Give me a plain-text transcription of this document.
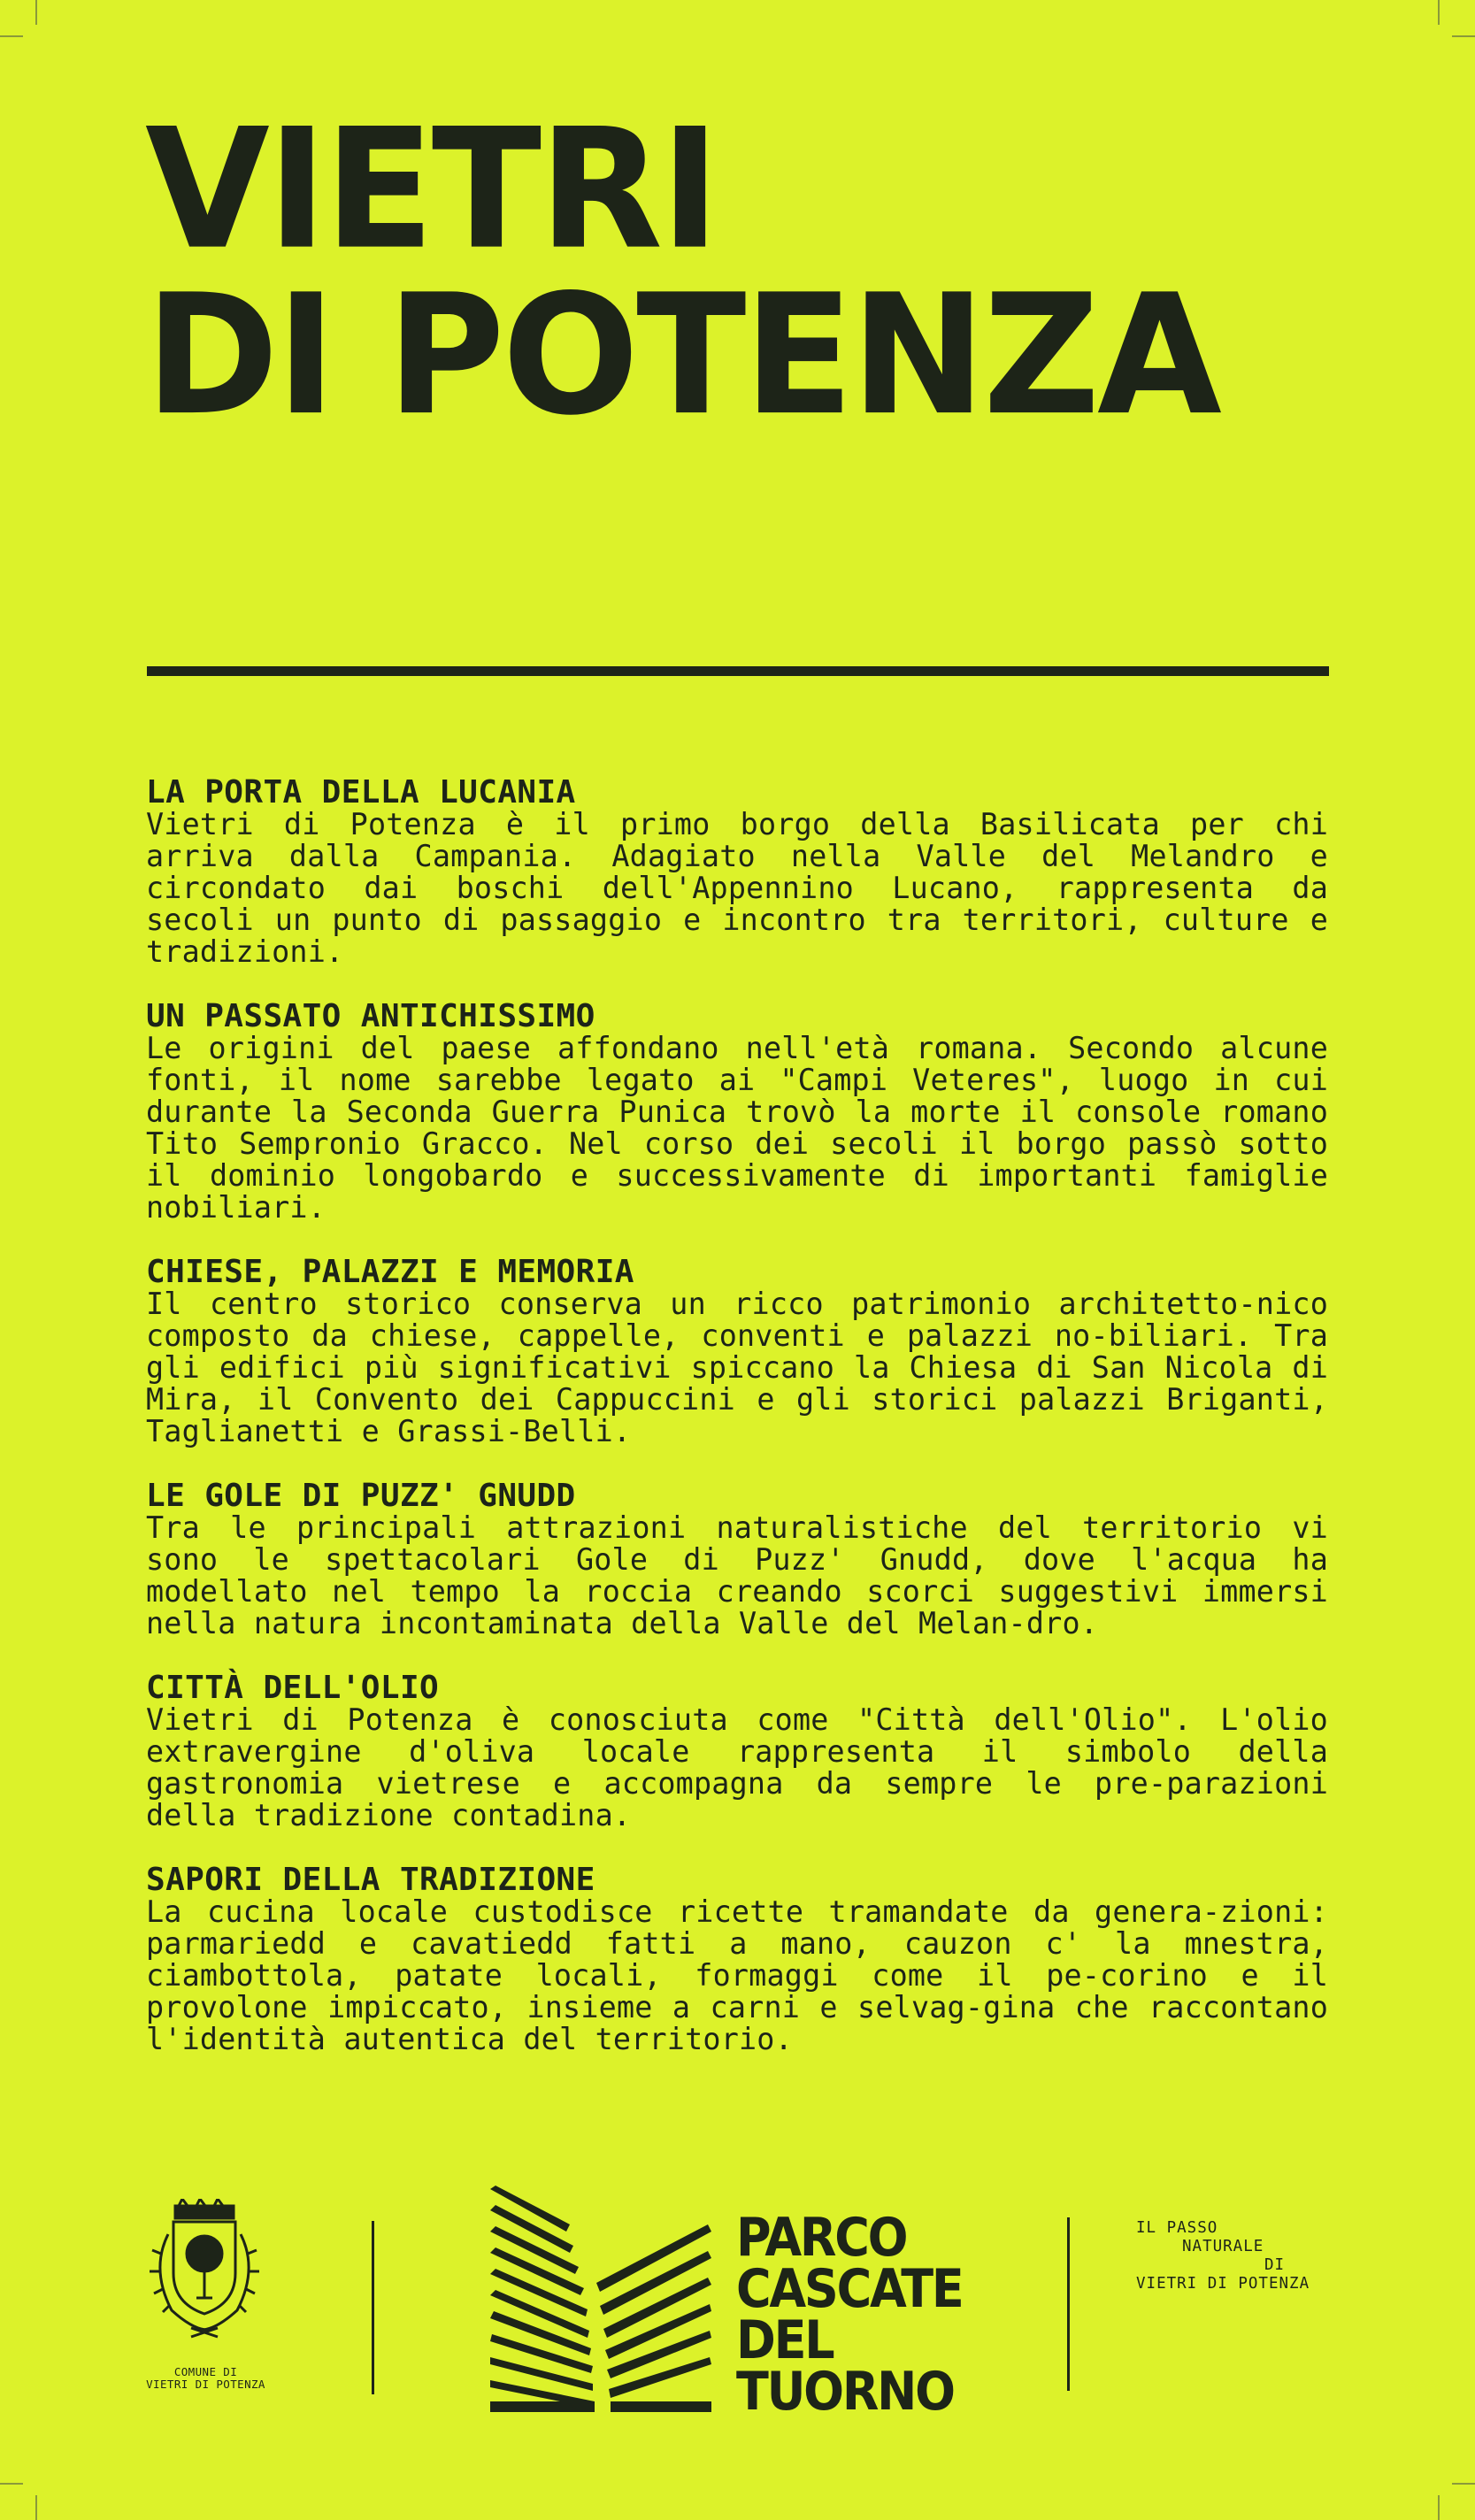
VIETRI
DI POTENZA
LA PORTA DELLA LUCANIA

Vietri di Potenza è il primo borgo della Basilicata per chi arriva dalla Campania. Adagiato nella Valle del Melandro e circondato dai boschi dell'Appennino Lucano, rappresenta da secoli un punto di passaggio e incontro tra territori, culture e tradizioni.

UN PASSATO ANTICHISSIMO

Le origini del paese affondano nell'età romana. Secondo alcune fonti, il nome sarebbe legato ai "Campi Veteres", luogo in cui durante la Seconda Guerra Punica trovò la morte il console romano Tito Sempronio Gracco. Nel corso dei secoli il borgo passò sotto il dominio longobardo e successivamente di importanti famiglie nobiliari.

CHIESE, PALAZZI E MEMORIA

Il centro storico conserva un ricco patrimonio architetto-nico composto da chiese, cappelle, conventi e palazzi no-biliari. Tra gli edifici più significativi spiccano la Chiesa di San Nicola di Mira, il Convento dei Cappuccini e gli storici palazzi Briganti, Taglianetti e Grassi-Belli.

LE GOLE DI PUZZ' GNUDD

Tra le principali attrazioni naturalistiche del territorio vi sono le spettacolari Gole di Puzz' Gnudd, dove l'acqua ha modellato nel tempo la roccia creando scorci suggestivi immersi nella natura incontaminata della Valle del Melan-dro.

CITTÀ DELL'OLIO

Vietri di Potenza è conosciuta come "Città dell'Olio". L'olio extravergine d'oliva locale rappresenta il simbolo della gastronomia vietrese e accompagna da sempre le pre-parazioni della tradizione contadina.

SAPORI DELLA TRADIZIONE

La cucina locale custodisce ricette tramandate da genera-zioni: parmariedd e cavatiedd fatti a mano, cauzon c' la mnestra, ciambottola, patate locali, formaggi come il pe-corino e il provolone impiccato, insieme a carni e selvag-gina che raccontano l'identità autentica del territorio.

COMUNE DI
VIETRI DI POTENZA
PARCO
CASCATE
DEL
TUORNO
IL PASSO
NATURALE
DI
VIETRI DI POTENZA
